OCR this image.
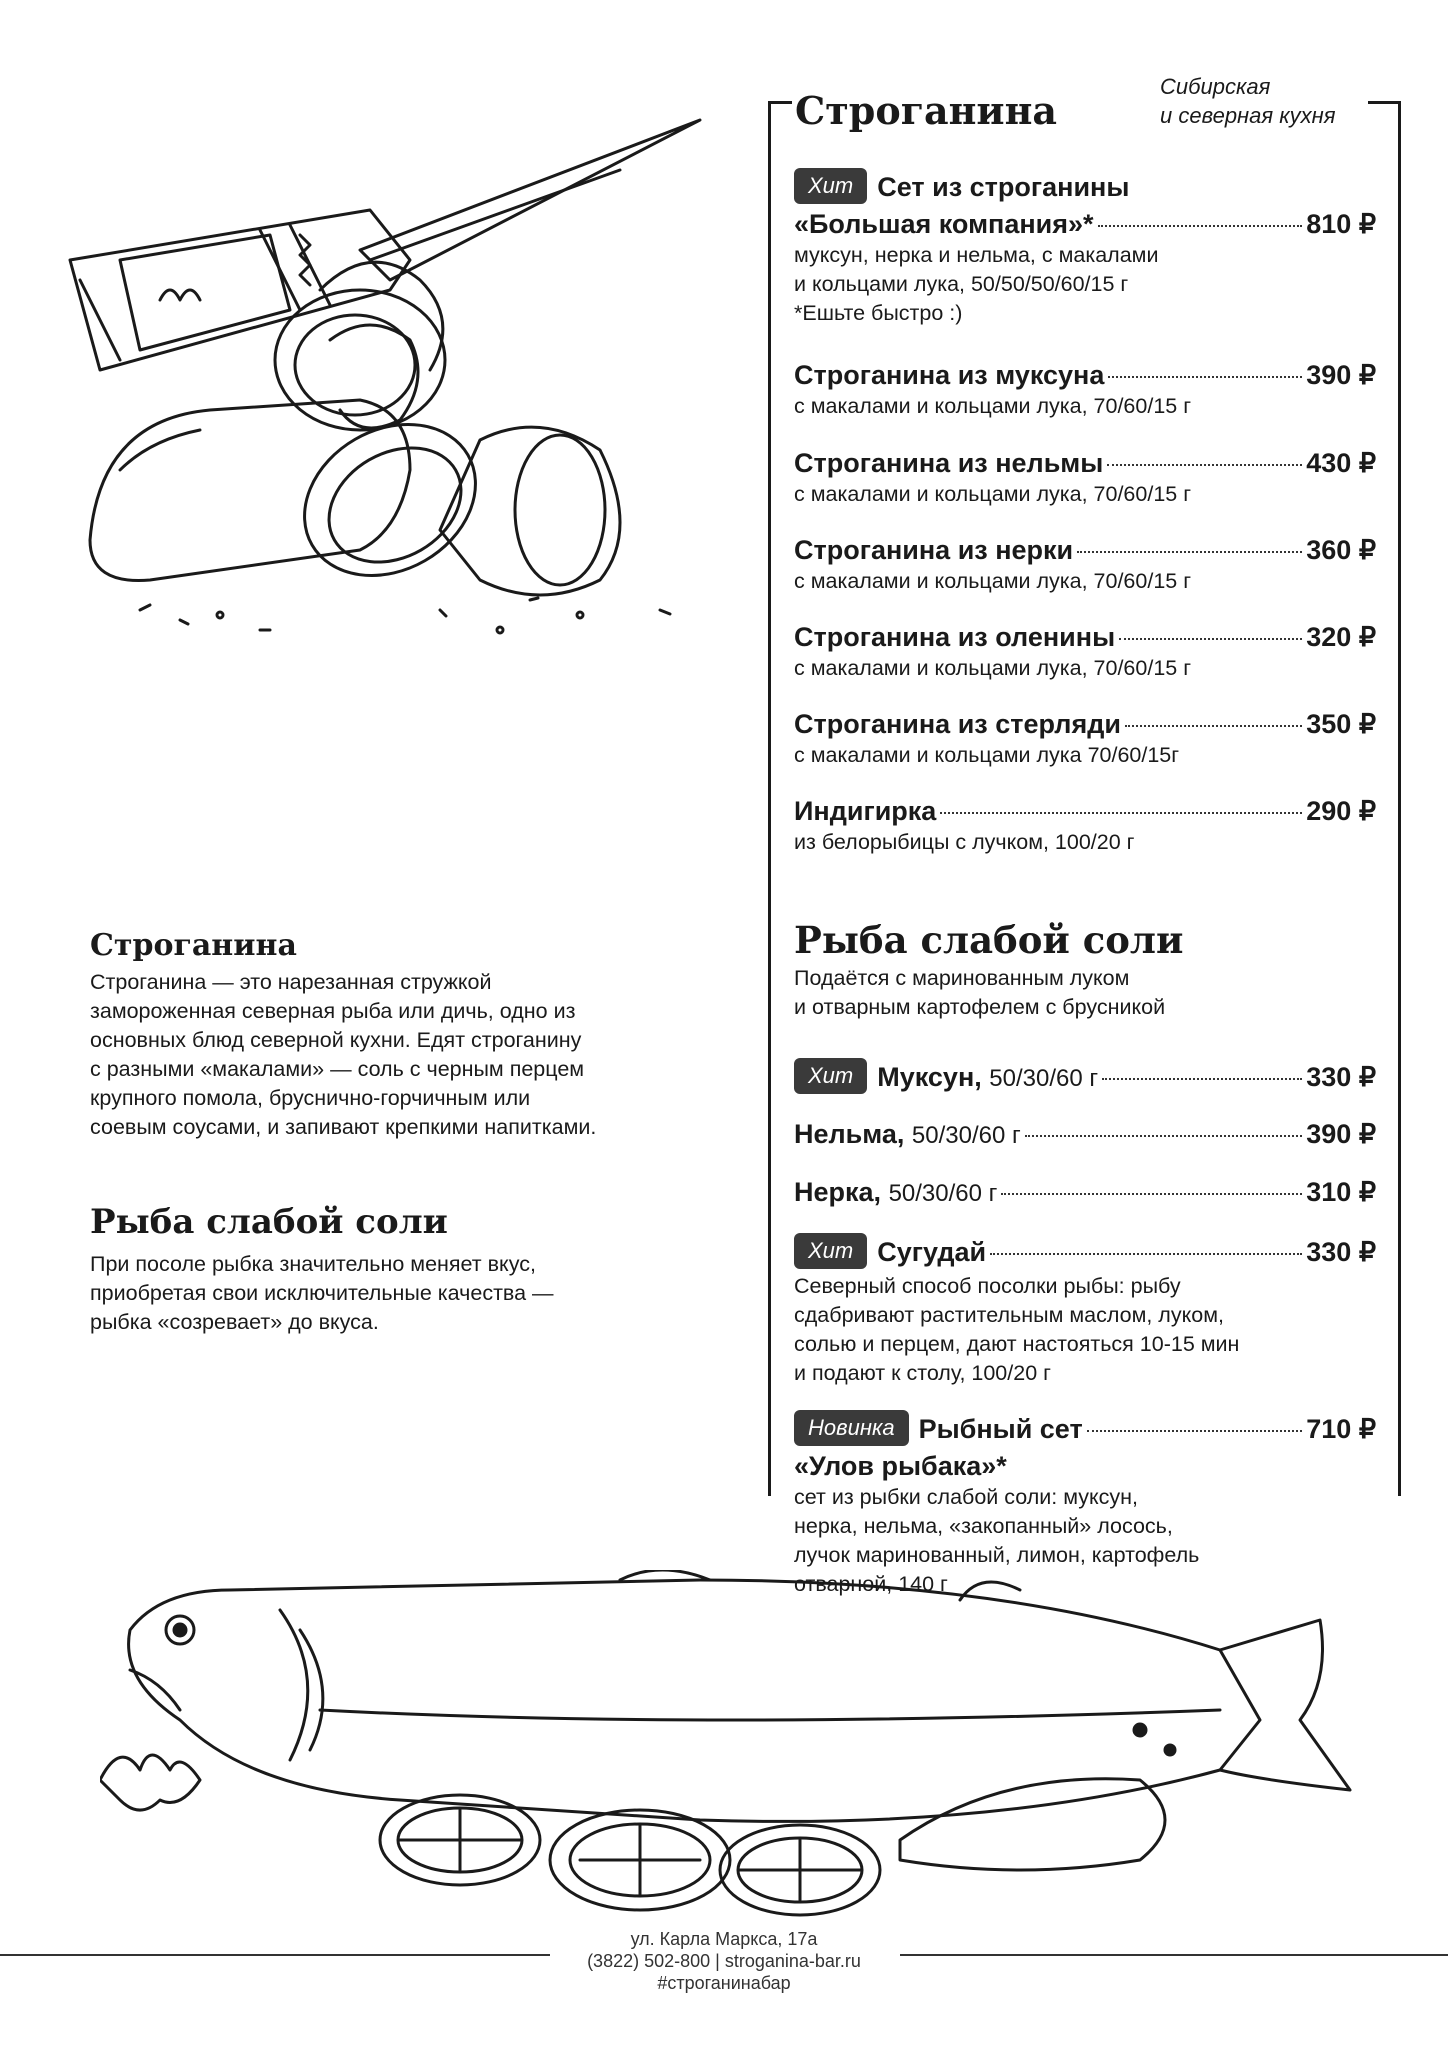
Строганина
Сибирская
и северная кухня
Хит Сет из строганины
«Большая компания»*	810 ₽
муксун, нерка и нельма, с макалами
и кольцами лука, 50/50/50/60/15 г
*Ешьте быстро :)
Строганина из муксуна	390 ₽
с макалами и кольцами лука, 70/60/15 г
Строганина из нельмы	430 ₽
с макалами и кольцами лука, 70/60/15 г
Строганина из нерки	360 ₽
с макалами и кольцами лука, 70/60/15 г
Строганина из оленины	320 ₽
с макалами и кольцами лука, 70/60/15 г
Строганина из стерляди	350 ₽
с макалами и кольцами лука 70/60/15г
Индигирка	290 ₽
из белорыбицы с лучком, 100/20 г
Рыба слабой соли
Подаётся с маринованным луком
и отварным картофелем с брусникой
Хит Муксун, 50/30/60 г	330 ₽
Нельма, 50/30/60 г	390 ₽
Нерка, 50/30/60 г	310 ₽
Хит Сугудай	330 ₽
Северный способ посолки рыбы: рыбу
сдабривают растительным маслом, луком,
солью и перцем, дают настояться 10-15 мин
и подают к столу, 100/20 г
Новинка Рыбный сет	710 ₽
«Улов рыбака»*
сет из рыбки слабой соли: муксун,
нерка, нельма, «закопанный» лосось,
лучок маринованный, лимон, картофель
отварной, 140 г
Строганина
Строганина — это нарезанная стружкой
замороженная северная рыба или дичь, одно из
основных блюд северной кухни. Едят строганину
с разными «макалами» — соль с черным перцем
крупного помола, бруснично-горчичным или
соевым соусами, и запивают крепкими напитками.
Рыба слабой соли
При посоле рыбка значительно меняет вкус,
приобретая свои исключительные качества —
рыбка «созревает» до вкуса.
ул. Карла Маркса, 17а
(3822) 502-800 | stroganina-bar.ru
#строганинабар
